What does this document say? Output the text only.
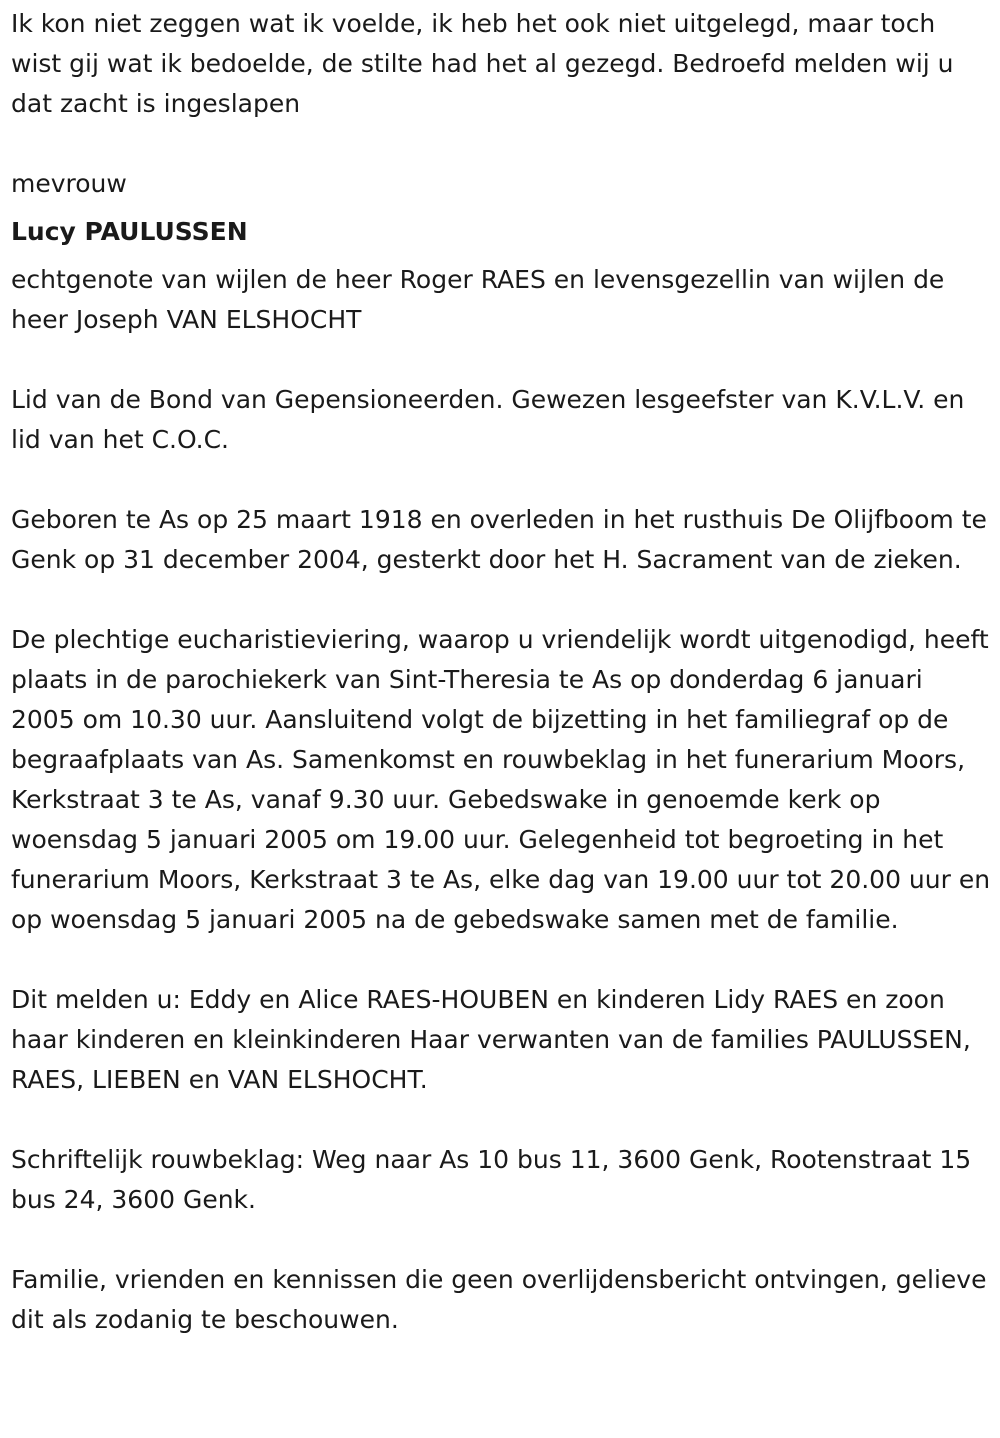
Ik kon niet zeggen wat ik voelde, ik heb het ook niet uitgelegd, maar toch wist gij wat ik bedoelde, de stilte had het al gezegd. Bedroefd melden wij u dat zacht is ingeslapen

mevrouw

Lucy PAULUSSEN

echtgenote van wijlen de heer Roger RAES en levensgezellin van wijlen de heer Joseph VAN ELSHOCHT

Lid van de Bond van Gepensioneerden. Gewezen lesgeefster van K.V.L.V. en lid van het C.O.C.

Geboren te As op 25 maart 1918 en overleden in het rusthuis De Olijfboom te Genk op 31 december 2004, gesterkt door het H. Sacrament van de zieken.

De plechtige eucharistieviering, waarop u vriendelijk wordt uitgenodigd, heeft plaats in de parochiekerk van Sint-Theresia te As op donderdag 6 januari 2005 om 10.30 uur. Aansluitend volgt de bijzetting in het familiegraf op de begraafplaats van As. Samenkomst en rouwbeklag in het funerarium Moors, Kerkstraat 3 te As, vanaf 9.30 uur. Gebedswake in genoemde kerk op woensdag 5 januari 2005 om 19.00 uur. Gelegenheid tot begroeting in het funerarium Moors, Kerkstraat 3 te As, elke dag van 19.00 uur tot 20.00 uur en op woensdag 5 januari 2005 na de gebedswake samen met de familie.

Dit melden u: Eddy en Alice RAES-HOUBEN en kinderen Lidy RAES en zoon haar kinderen en kleinkinderen Haar verwanten van de families PAULUSSEN, RAES, LIEBEN en VAN ELSHOCHT.

Schriftelijk rouwbeklag: Weg naar As 10 bus 11, 3600 Genk, Rootenstraat 15 bus 24, 3600 Genk.

Familie, vrienden en kennissen die geen overlijdensbericht ontvingen, gelieve dit als zodanig te beschouwen.
